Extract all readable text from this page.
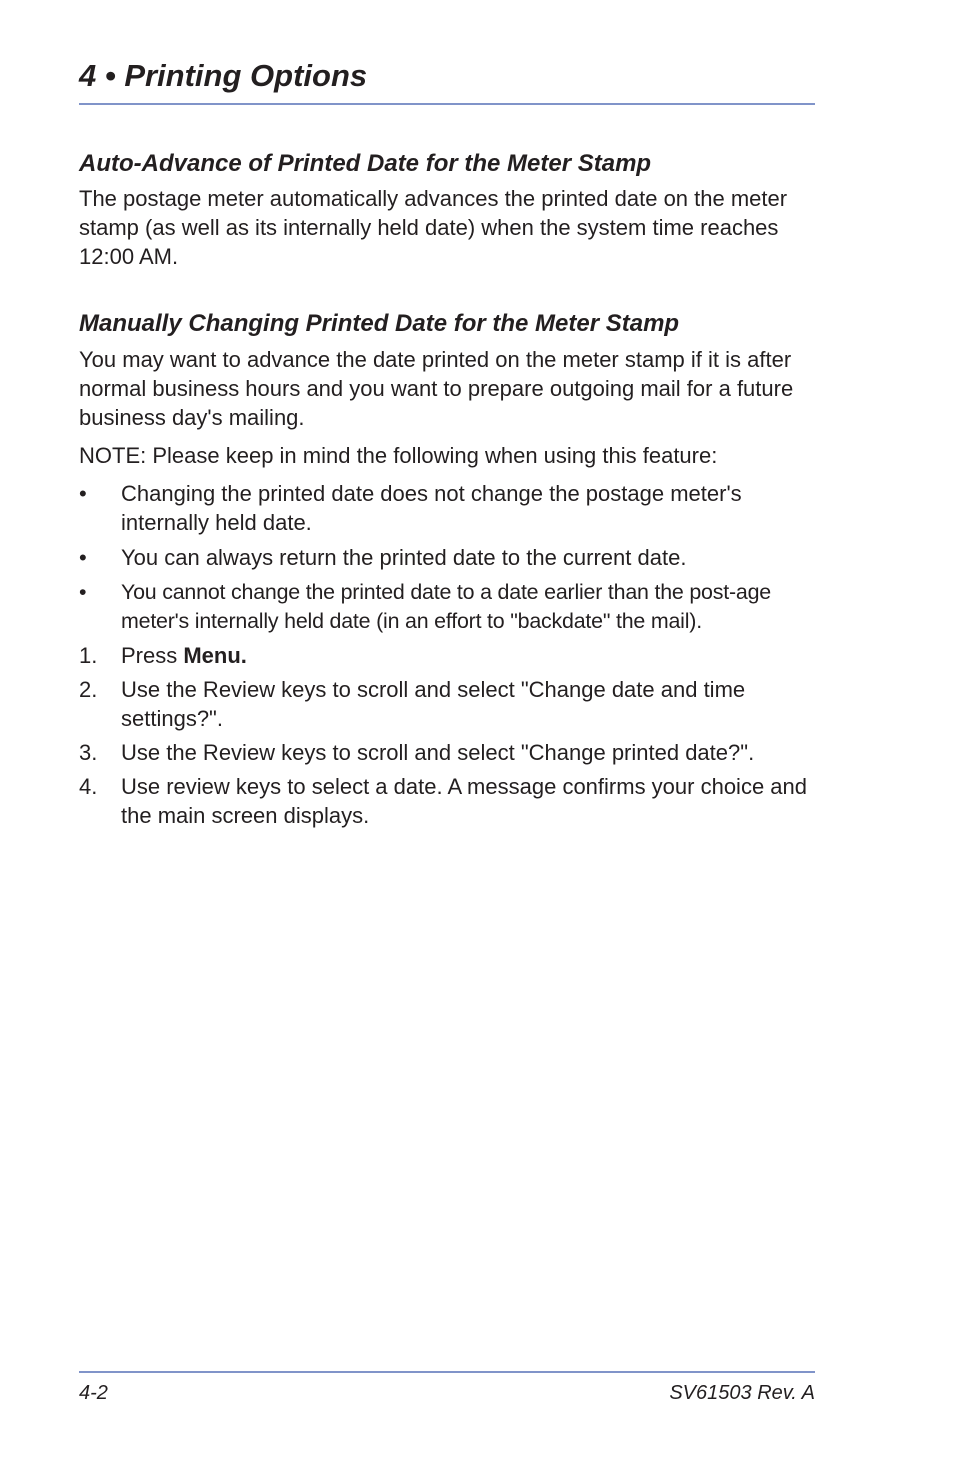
4 • Printing Options
Auto-Advance of Printed Date for the Meter Stamp

The postage meter automatically advances the printed date on the meter stamp (as well as its internally held date) when the system time reaches 12:00 AM.

Manually Changing Printed Date for the Meter Stamp

You may want to advance the date printed on the meter stamp if it is after normal business hours and you want to prepare outgoing mail for a future business day's mailing.

NOTE: Please keep in mind the following when using this feature:

• Changing the printed date does not change the postage meter's internally held date.
• You can always return the printed date to the current date.
• You cannot change the printed date to a date earlier than the post-age meter's internally held date (in an effort to "backdate" the mail).
1. Press Menu.
2. Use the Review keys to scroll and select "Change date and time settings?".
3. Use the Review keys to scroll and select "Change printed date?".
4. Use review keys to select a date. A message confirms your choice and the main screen displays.
4-2	SV61503 Rev. A
